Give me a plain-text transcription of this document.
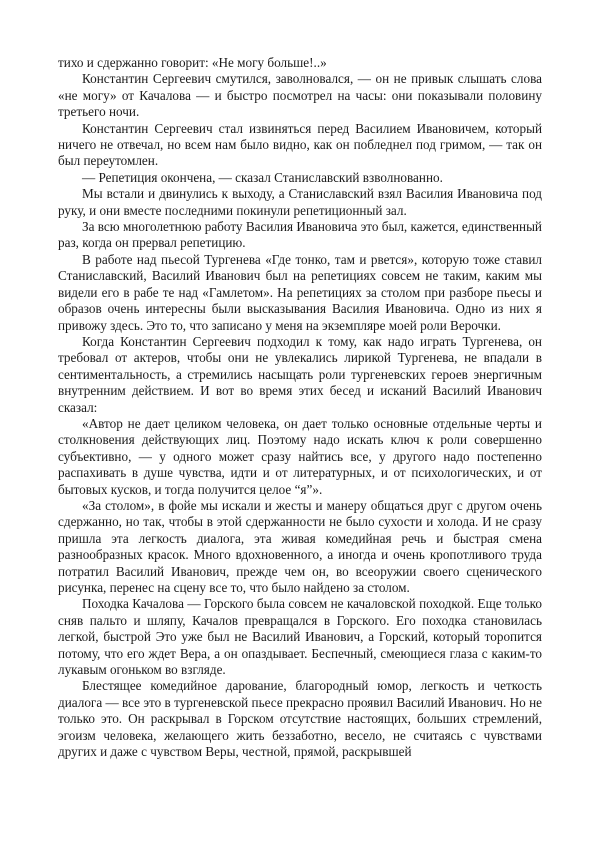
тихо и сдержанно говорит: «Не могу больше!..»

Константин Сергеевич смутился, заволновался, — он не привык слышать слова «не могу» от Качалова — и быстро посмотрел на часы: они показывали половину третьего ночи.

Константин Сергеевич стал извиняться перед Василием Ивановичем, который ничего не отвечал, но всем нам было видно, как он побледнел под гримом, — так он был переутомлен.

— Репетиция окончена, — сказал Станиславский взволнованно.

Мы встали и двинулись к выходу, а Станиславский взял Василия Ивановича под руку, и они вместе последними покинули репетиционный зал.

За всю многолетнюю работу Василия Ивановича это был, кажется, единственный раз, когда он прервал репетицию.

В работе над пьесой Тургенева «Где тонко, там и рвется», которую тоже ставил Станиславский, Василий Иванович был на репетициях совсем не таким, каким мы видели его в рабе те над «Гамлетом». На репетициях за столом при разборе пьесы и образов очень интересны были высказывания Василия Ивановича. Одно из них я привожу здесь. Это то, что записано у меня на экземпляре моей роли Верочки.

Когда Константин Сергеевич подходил к тому, как надо играть Тургенева, он требовал от актеров, чтобы они не увлекались лирикой Тургенева, не впадали в сентиментальность, а стремились насыщать роли тургеневских героев энергичным внутренним действием. И вот во время этих бесед и исканий Василий Иванович сказал:

«Автор не дает целиком человека, он дает только основные отдельные черты и столкновения действующих лиц. Поэтому надо искать ключ к роли совершенно субъективно, — у одного может сразу найтись все, у другого надо постепенно распахивать в душе чувства, идти и от литературных, и от психологических, и от бытовых кусков, и тогда получится целое “я”».

«За столом», в фойе мы искали и жесты и манеру общаться друг с другом очень сдержанно, но так, чтобы в этой сдержанности не было сухости и холода. И не сразу пришла эта легкость диалога, эта живая комедийная речь и быстрая смена разнообразных красок. Много вдохновенного, а иногда и очень кропотливого труда потратил Василий Иванович, прежде чем он, во всеоружии своего сценического рисунка, перенес на сцену все то, что было найдено за столом.

Походка Качалова — Горского была совсем не качаловской походкой. Еще только сняв пальто и шляпу, Качалов превращался в Горского. Его походка становилась легкой, быстрой Это уже был не Василий Иванович, а Горский, который торопится потому, что его ждет Вера, а он опаздывает. Беспечный, смеющиеся глаза с каким-то лукавым огоньком во взгляде.

Блестящее комедийное дарование, благородный юмор, легкость и четкость диалога — все это в тургеневской пьесе прекрасно проявил Василий Иванович. Но не только это. Он раскрывал в Горском отсутствие настоящих, больших стремлений, эгоизм человека, желающего жить беззаботно, весело, не считаясь с чувствами других и даже с чувством Веры, честной, прямой, раскрывшей
